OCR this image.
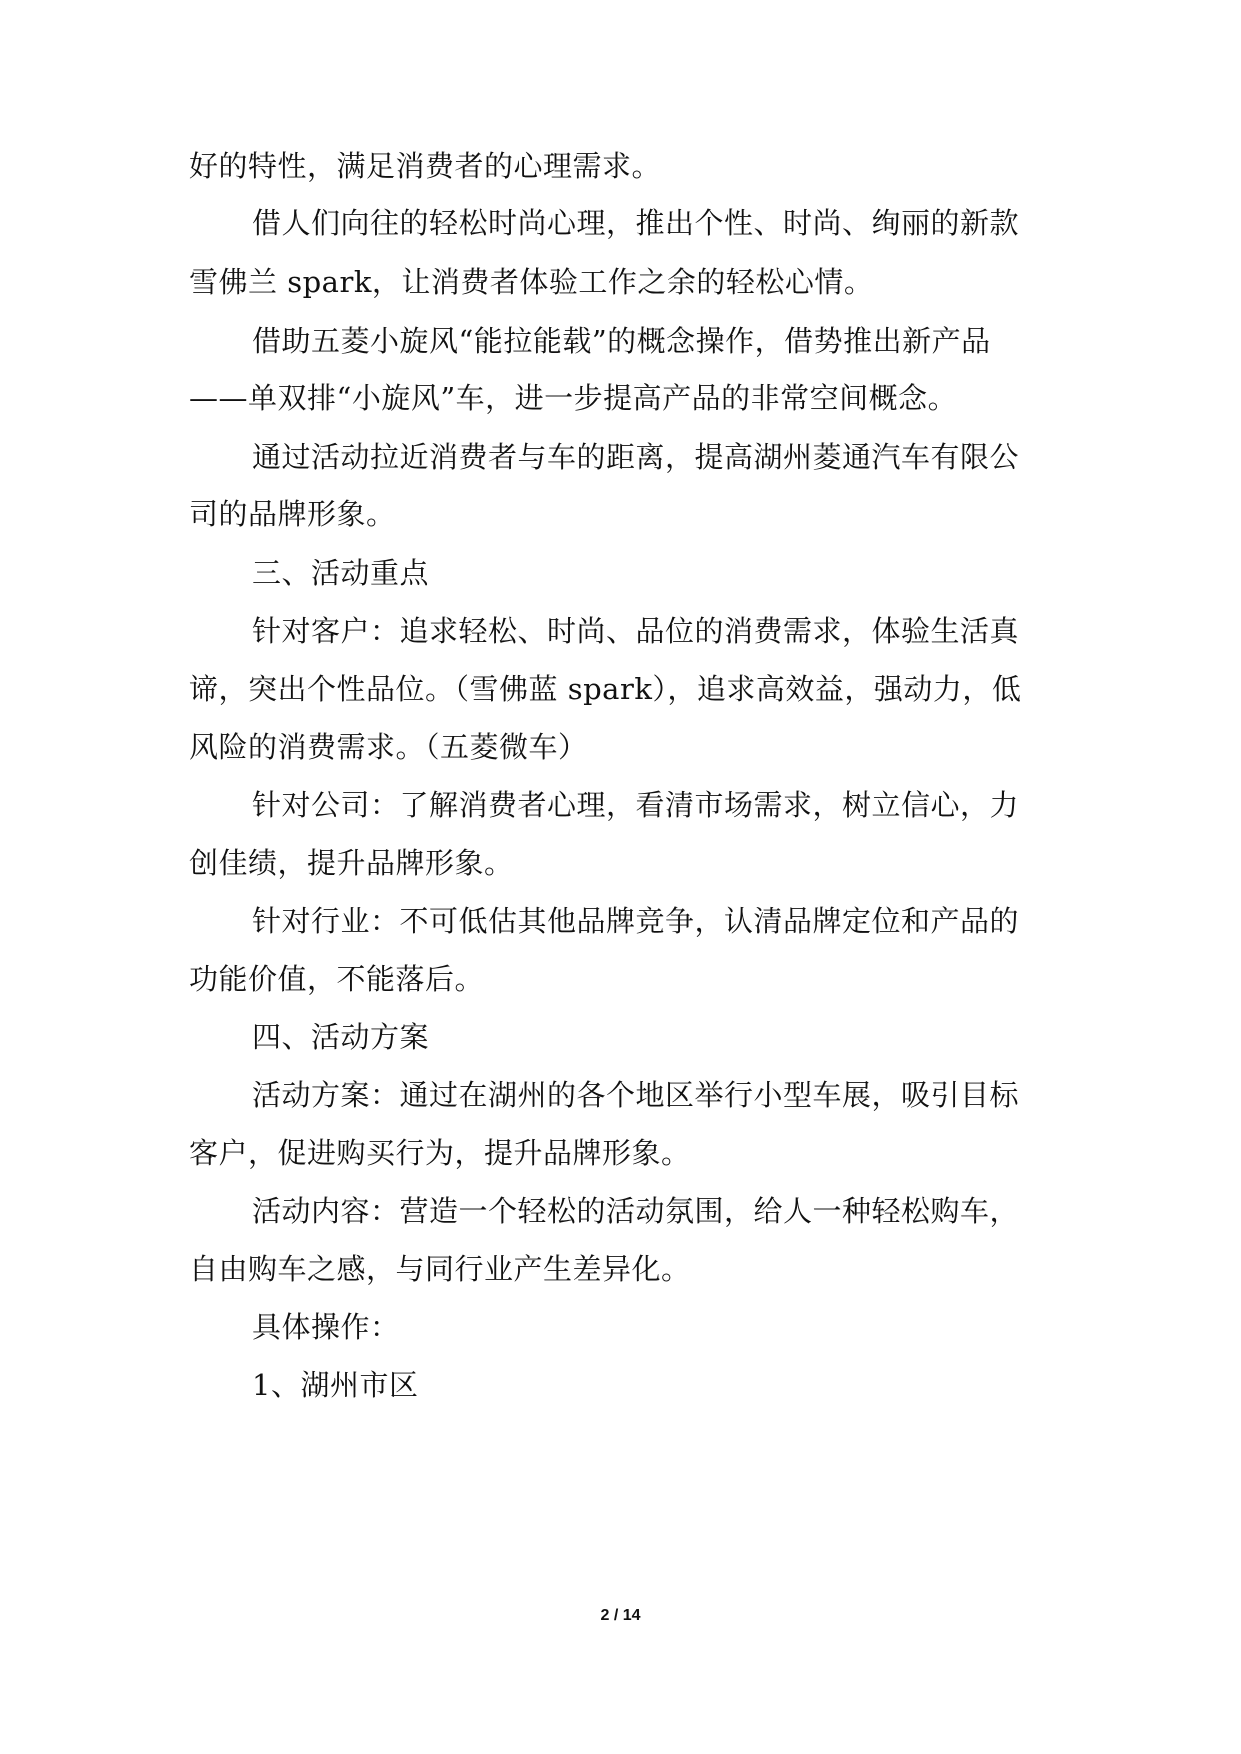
好的特性，满足消费者的心理需求。
借人们向往的轻松时尚心理，推出个性、时尚、绚丽的新款
雪佛兰 spark，让消费者体验工作之余的轻松心情。
借助五菱小旋风“能拉能载”的概念操作，借势推出新产品
——单双排“小旋风”车，进一步提高产品的非常空间概念。
通过活动拉近消费者与车的距离，提高湖州菱通汽车有限公
司的品牌形象。
三、活动重点
针对客户：追求轻松、时尚、品位的消费需求，体验生活真
谛，突出个性品位。（雪佛蓝 spark），追求高效益，强动力，低
风险的消费需求。（五菱微车）
针对公司：了解消费者心理，看清市场需求，树立信心，力
创佳绩，提升品牌形象。
针对行业：不可低估其他品牌竞争，认清品牌定位和产品的
功能价值，不能落后。
四、活动方案
活动方案：通过在湖州的各个地区举行小型车展，吸引目标
客户，促进购买行为，提升品牌形象。
活动内容：营造一个轻松的活动氛围，给人一种轻松购车，
自由购车之感，与同行业产生差异化。
具体操作：
1、湖州市区
2 / 14
